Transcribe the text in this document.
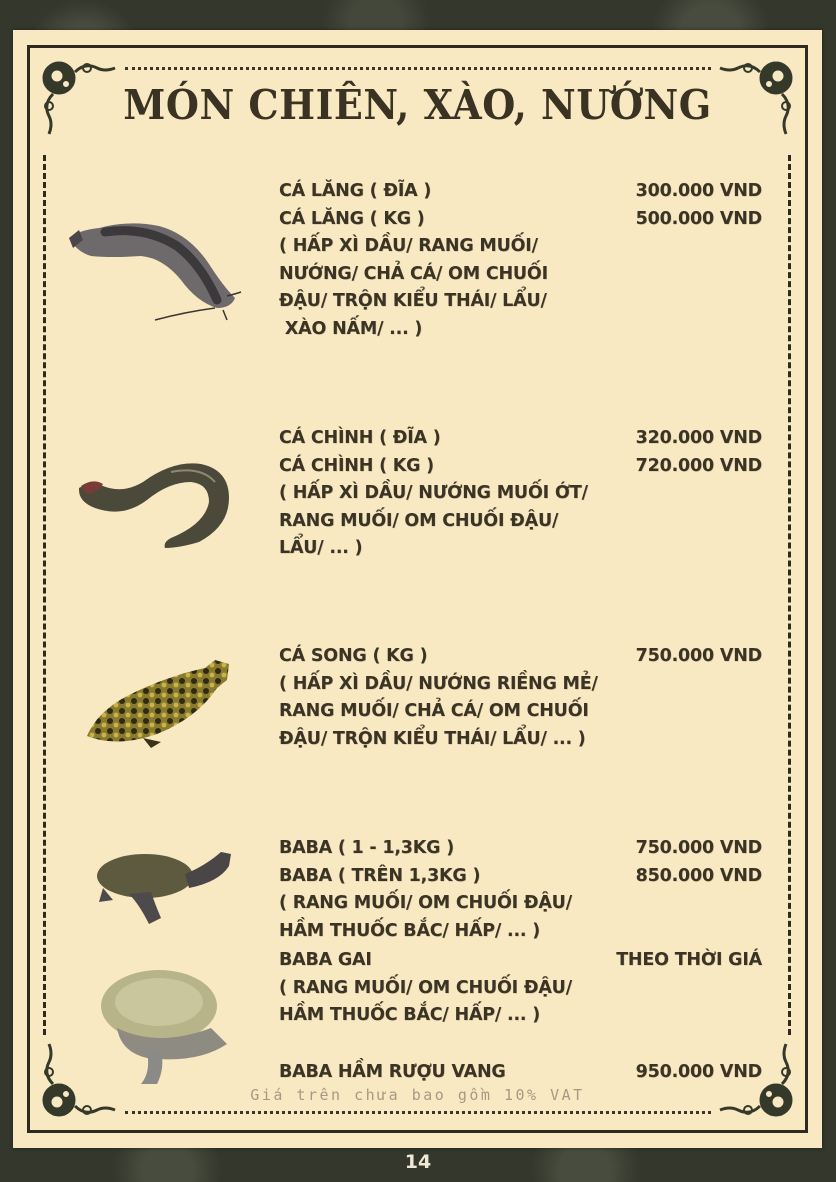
MÓN CHIÊN, XÀO, NƯỚNG
CÁ LĂNG ( ĐĨA )
CÁ LĂNG ( KG )
( HẤP XÌ DẦU/ RANG MUỐI/
NƯỚNG/ CHẢ CÁ/ OM CHUỐI
ĐẬU/ TRỘN KIỂU THÁI/ LẨU/
XÀO NẤM/ ... )
300.000 VND
500.000 VND
CÁ CHÌNH ( ĐĨA )
CÁ CHÌNH ( KG )
( HẤP XÌ DẦU/ NƯỚNG MUỐI ỚT/
RANG MUỐI/ OM CHUỐI ĐẬU/
LẨU/ ... )
320.000 VND
720.000 VND
CÁ SONG ( KG )
( HẤP XÌ DẦU/ NƯỚNG RIỀNG MẺ/
RANG MUỐI/ CHẢ CÁ/ OM CHUỐI
ĐẬU/ TRỘN KIỂU THÁI/ LẨU/ ... )
750.000 VND
BABA ( 1 - 1,3KG )
BABA ( TRÊN 1,3KG )
( RANG MUỐI/ OM CHUỐI ĐẬU/
HẦM THUỐC BẮC/ HẤP/ ... )
BABA GAI
( RANG MUỐI/ OM CHUỐI ĐẬU/
HẦM THUỐC BẮC/ HẤP/ ... )
BABA HẦM RƯỢU VANG
750.000 VND
850.000 VND
THEO THỜI GIÁ
950.000 VND
Giá trên chưa bao gồm 10% VAT
14
